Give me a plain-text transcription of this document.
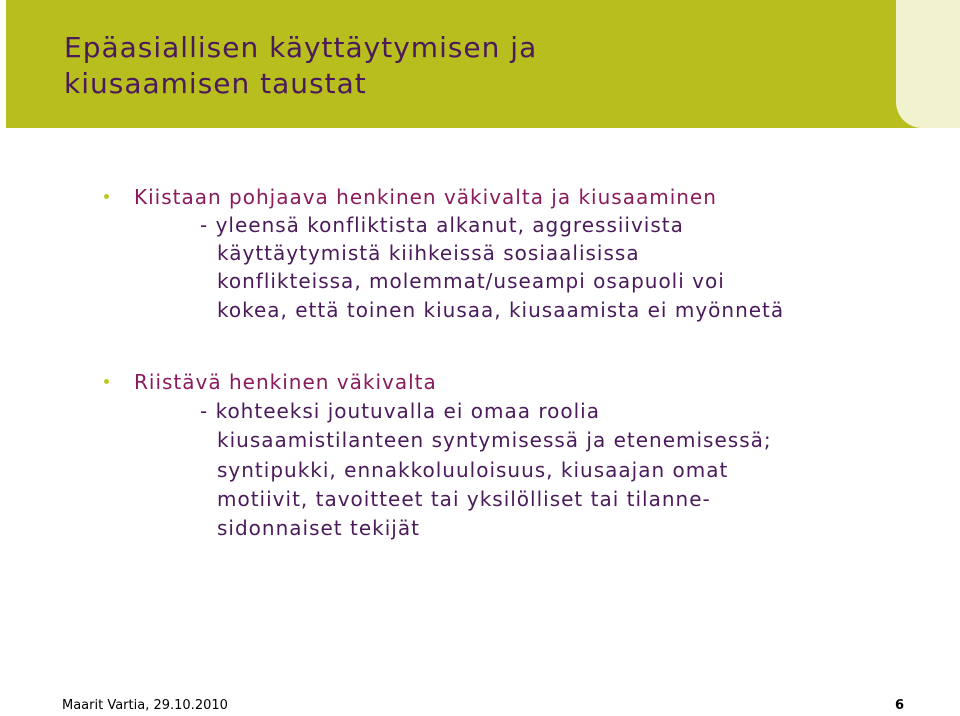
Epäasiallisen käyttäytymisen ja
kiusaamisen taustat
Kiistaan pohjaava henkinen väkivalta ja kiusaaminen
- yleensä konfliktista alkanut, aggressiivista
käyttäytymistä kiihkeissä sosiaalisissa
konflikteissa, molemmat/useampi osapuoli voi
kokea, että toinen kiusaa, kiusaamista ei myönnetä
Riistävä henkinen väkivalta
- kohteeksi joutuvalla ei omaa roolia
kiusaamistilanteen syntymisessä ja etenemisessä;
syntipukki, ennakkoluuloisuus, kiusaajan omat
motiivit, tavoitteet tai yksilölliset tai tilanne-
sidonnaiset tekijät
Maarit Vartia, 29.10.2010	6
